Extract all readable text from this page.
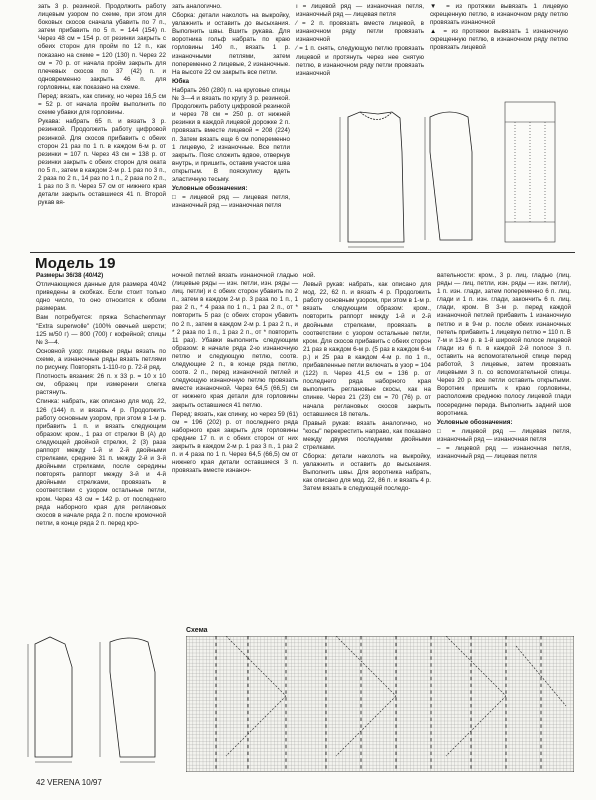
зать 3 р. резинкой. Продолжить работу лицевым узором по схеме, при этом для боковых скосов сначала убавить по 7 п., затем прибавить по 5 п. = 144 (154) п. Через 48 см = 154 р. от резинки закрыть с обеих сторон для пройм по 12 п., как показано на схеме = 120 (130) п. Через 22 см = 70 р. от начала пройм закрыть для плечевых скосов по 37 (42) п. и одновременно закрыть 46 п. для горловины, как показано на схеме.

Перед: вязать, как спинку, но через 16,5 см = 52 р. от начала пройм выполнить по схеме убавки для горловины.

Рукава: набрать 65 п. и вязать 3 р. резинкой. Продолжить работу цифровой резинкой. Для скосов прибавить с обеих сторон 21 раз по 1 п. в каждом 6-м р. от резинки = 107 п. Через 43 см = 138 р. от резинки закрыть с обеих сторон для оката по 5 п., затем в каждом 2-м р. 1 раз по 3 п., 2 раза по 2 п., 14 раз по 1 п., 2 раза по 2 п., 1 раз по 3 п. Через 57 см от нижнего края детали закрыть оставшиеся 41 п. Второй рукав вя-

зать аналогично.

Сборка: детали наколоть на выкройку, увлажнить и оставить до высыхания. Выполнить швы. Вшить рукава. Для воротника гольф набрать по краю горловины 140 п., вязать 1 р. изнаночными петлями, затем попеременно 2 лицевые, 2 изнаночные. На высоте 22 см закрыть все петли.

Юбка

Набрать 260 (280) п. на круговые спицы № 3—4 и вязать по кругу 3 р. резинкой. Продолжить работу цифровой резинкой и через 78 см = 250 р. от нижней резинки в каждой лицевой дорожке 2 п. провязать вместе лицевой = 208 (224) п. Затем вязать еще 6 см попеременно 1 лицевую, 2 изнаночные. Все петли закрыть. Пояс сложить вдвое, отвернув внутрь, и пришить, оставив участок шва открытым. В пояскулису вдеть эластичную тесьму.

Условные обозначения:

□ = лицевой ряд — лицевая петля, изнаночный ряд — изнаночная петля

ı = лицевой ряд — изнаночная петля, изнаночный ряд — лицевая петля

⁄ = 2 п. провязать вместе лицевой, в изнаночном ряду петли провязать изнаночной

⁄ = 1 п. снять, следующую петлю провязать лицевой и протянуть через нее снятую петлю, в изнаночном ряду петли провязать изнаночной

▼ = из протяжки вывязать 1 лицевую скрещенную петлю, в изнаночном ряду петлю провязать изнаночной

▲ = из протяжки вывязать 1 изнаночную скрещенную петлю, в изнаночном ряду петлю провязать лицевой

Модель 19

Размеры 36/38 (40/42)

Отличающиеся данные для размера 40/42 приведены в скобках. Если стоит только одно число, то оно относится к обоим размерам.

Вам потребуется: пряжа Schachenmayr "Extra superwolle" (100% овечьей шерсти; 125 м/50 г) — 800 (700) г кофейной; спицы № 3—4.

Основной узор: лицевые ряды вязать по схеме, а изнаночные ряды вязать петлями по рисунку. Повторять 1-110-го р. 72-й ряд.

Плотность вязания: 26 п. х 33 р. = 10 х 10 см, образец при измерении слегка растянуть.

Спинка: набрать, как описано для мод. 22, 126 (144) п. и вязать 4 р. Продолжить работу основным узором, при этом в 1-м р. прибавить 1 п. и вязать следующим образом: кром., 1 раз от стрелки В (А) до следующей двойной стрелки, 2 (3) раза раппорт между 1-й и 2-й двойными стрелками, средние 31 п. между 2-й и 3-й двойными стрелками, после середины повторять раппорт между 3-й и 4-й двойными стрелками, провязать в соответствии с узором остальные петли, кром. Через 43 см = 142 р. от последнего ряда наборного края для реглановых скосов в начале ряда 2 п. после кромочной петли, в конце ряда 2 п. перед кро-

ночной петлей вязать изнаночной гладью (лицевые ряды — изн. петли, изн. ряды — лиц. петли) и с обеих сторон убавить по 2 п., затем в каждом 2-м р. 3 раза по 1 п., 1 раз 2 п., * 4 раза по 1 п., 1 раз 2 п., от * повторить 5 раз (с обеих сторон убавить по 2 п., затем в каждом 2-м р. 1 раз 2 п., и * 2 раза по 1 п., 1 раз 2 п., от * повторить 11 раз). Убавки выполнить следующим образом: в начале ряда 2-ю изнаночную петлю и следующую петлю, соотв. следующие 2 п., в конце ряда петлю, соотв. 2 п., перед изнаночной петлей и следующую изнаночную петлю провязать вместе изнаночной. Через 64,5 (66,5) см от нижнего края детали для горловины закрыть оставшиеся 41 петлю.

Перед: вязать, как спинку, но через 59 (61) см = 196 (202) р. от последнего ряда наборного края закрыть для горловины средние 17 п. и с обеих сторон от них закрыть в каждом 2-м р. 1 раз 3 п., 1 раз 2 п. и 4 раза по 1 п. Через 64,5 (66,5) см от нижнего края детали оставшиеся 3 п. провязать вместе изнаноч-

ной.

Левый рукав: набрать, как описано для мод. 22, 62 п. и вязать 4 р. Продолжить работу основным узором, при этом в 1-м р. вязать следующим образом: кром., повторить раппорт между 1-й и 2-й двойными стрелками, провязать в соответствии с узором остальные петли, кром. Для скосов прибавить с обеих сторон 21 раз в каждом 6-м р. (5 раз в каждом 6-м р.) и 25 раз в каждом 4-м р. по 1 п., прибавленные петли включать в узор = 104 (122) п. Через 41,5 см = 136 р. от последнего ряда наборного края выполнить реглановые скосы, как на спинке. Через 21 (23) см = 70 (76) р. от начала реглановых скосов закрыть оставшиеся 18 петель.

Правый рукав: вязать аналогично, но "косы" перекрестить направо, как показано между двумя последними двойными стрелками.

Сборка: детали наколоть на выкройку, увлажнить и оставить до высыхания. Выполнить швы. Для воротника набрать, как описано для мод. 22, 86 п. и вязать 4 р. Затем вязать в следующей последо-

вательности: кром., 3 р. лиц. гладью (лиц. ряды — лиц. петли, изн. ряды — изн. петли), 1 п. изн. глади, затем попеременно 6 п. лиц. глади и 1 п. изн. глади, закончить 6 п. лиц. глади, кром. В 3-м р. перед каждой изнаночной петлей прибавить 1 изнаночную петлю и в 9-м р. после обеих изнаночных петель прибавить 1 лицевую петлю = 110 п. В 7-м и 13-м р. в 1-й широкой полосе лицевой глади из 6 п. в каждой 2-й полосе 3 п. оставить на вспомогательной спице перед работой, 3 лицевые, затем провязать лицевыми 3 п. со вспомогательной спицы. Через 20 р. все петли оставить открытыми. Воротник пришить к краю горловины, расположив среднюю полосу лицевой глади посередине переда. Выполнить задний шов воротника.

Условные обозначения:

□ = лицевой ряд — лицевая петля, изнаночный ряд — изнаночная петля

– = лицевой ряд — изнаночная петля, изнаночный ряд — лицевая петля

Схема
42 VERENA 10/97
